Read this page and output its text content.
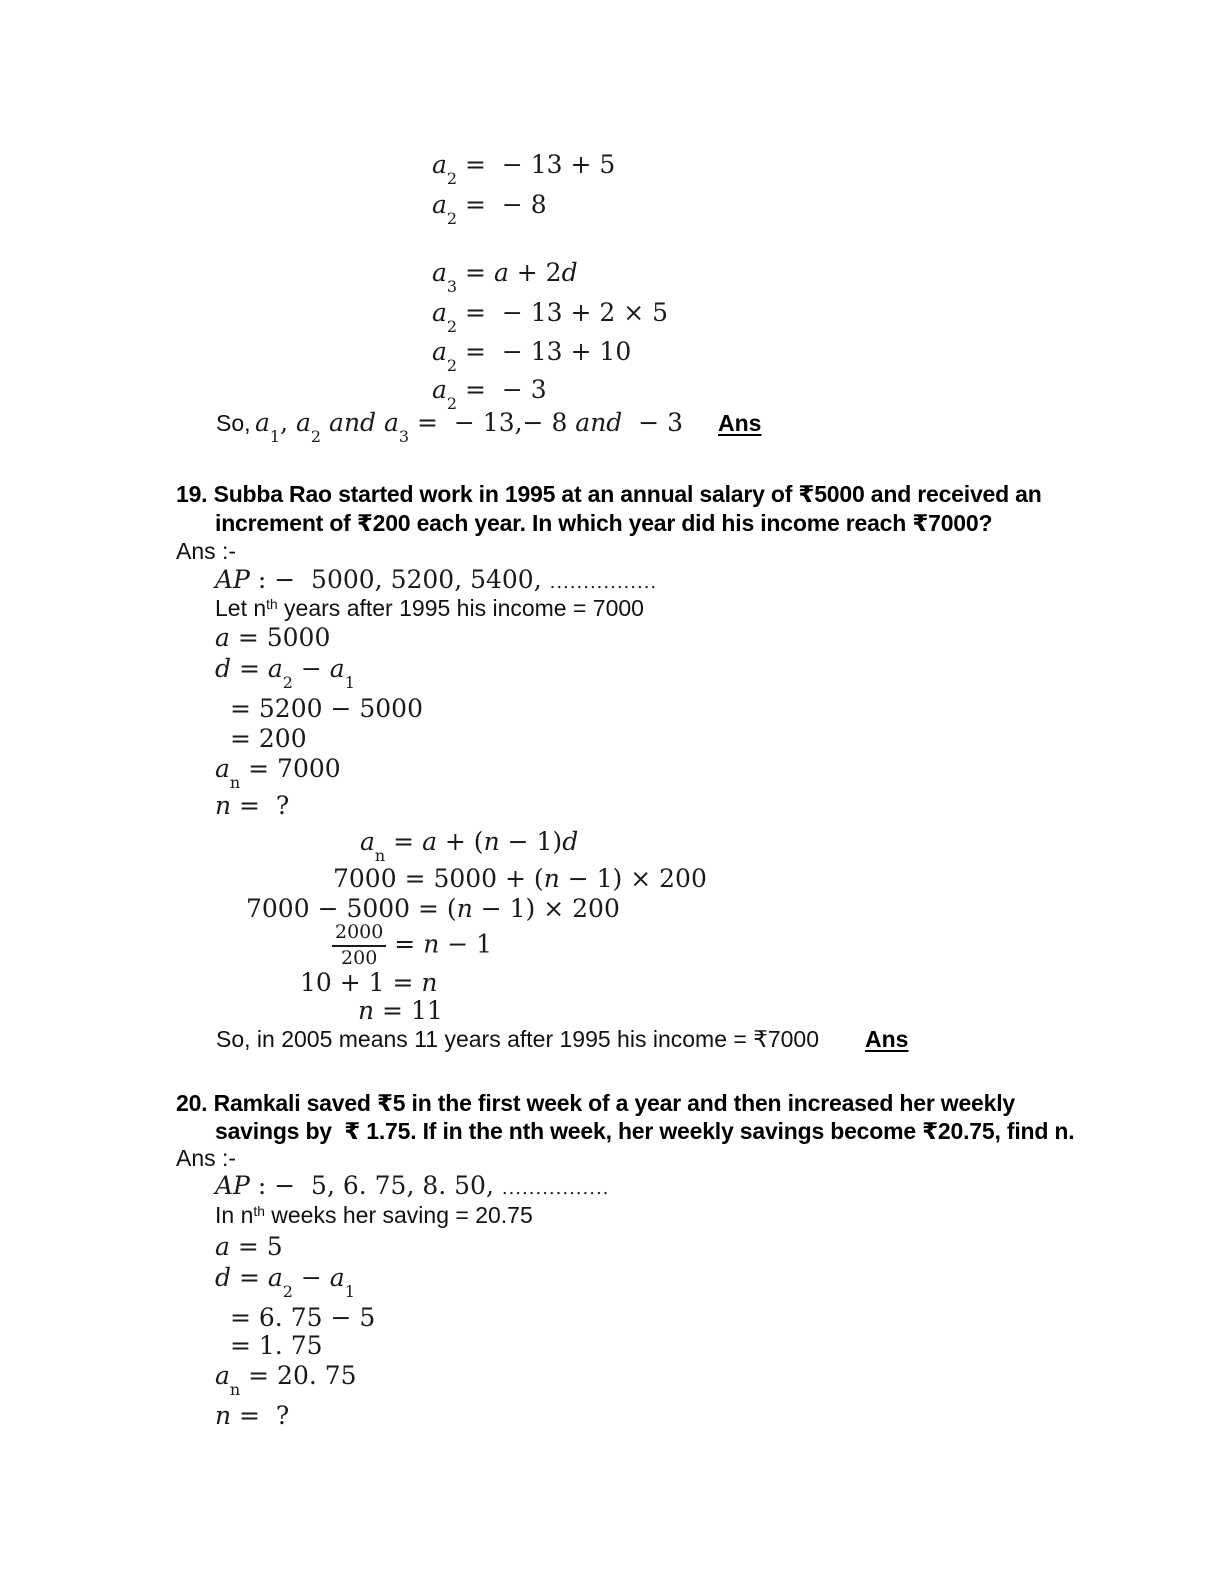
$a_2$ =  − 13 + 5
$a_2$ =  − 8
$a_3 = a + 2d$
$a_2$ =  − 13 + 2 × 5
$a_2$ =  − 13 + 10
$a_2$ =  − 3
So,
$a_1$, $a_2$ and $a_3$ =  − 13,− 8 and  − 3 Ans
19. Subba Rao started work in 1995 at an annual salary of ₹5000 and received an
increment of ₹200 each year. In which year did his income reach ₹7000?
Ans :-
AP : −  5000, 5200, 5400, ................
Let $n^{th}$ years after 1995 his income = 7000
a = 5000
$d = a_2 - a_1$
= 5200 − 5000
= 200
$a_n = 7000$
n =  ?
$a_n = a + (n - 1)d$
7000 = 5000 + (n − 1) × 200
7000 − 5000 = (n − 1) × 200
$\frac{2000}{200} = n - 1$
10 + 1 = n
n = 11
So, in 2005 means 11 years after 1995 his income = ₹7000 Ans
20. Ramkali saved ₹5 in the first week of a year and then increased her weekly
savings by  ₹ 1.75. If in the nth week, her weekly savings become ₹20.75, find n.
Ans :-
AP : −  5, 6. 75, 8. 50, ................
In $n^{th}$ weeks her saving = 20.75
a = 5
$d = a_2 - a_1$
= 6. 75 − 5
= 1. 75
$a_n = 20$. 75
n =  ?
